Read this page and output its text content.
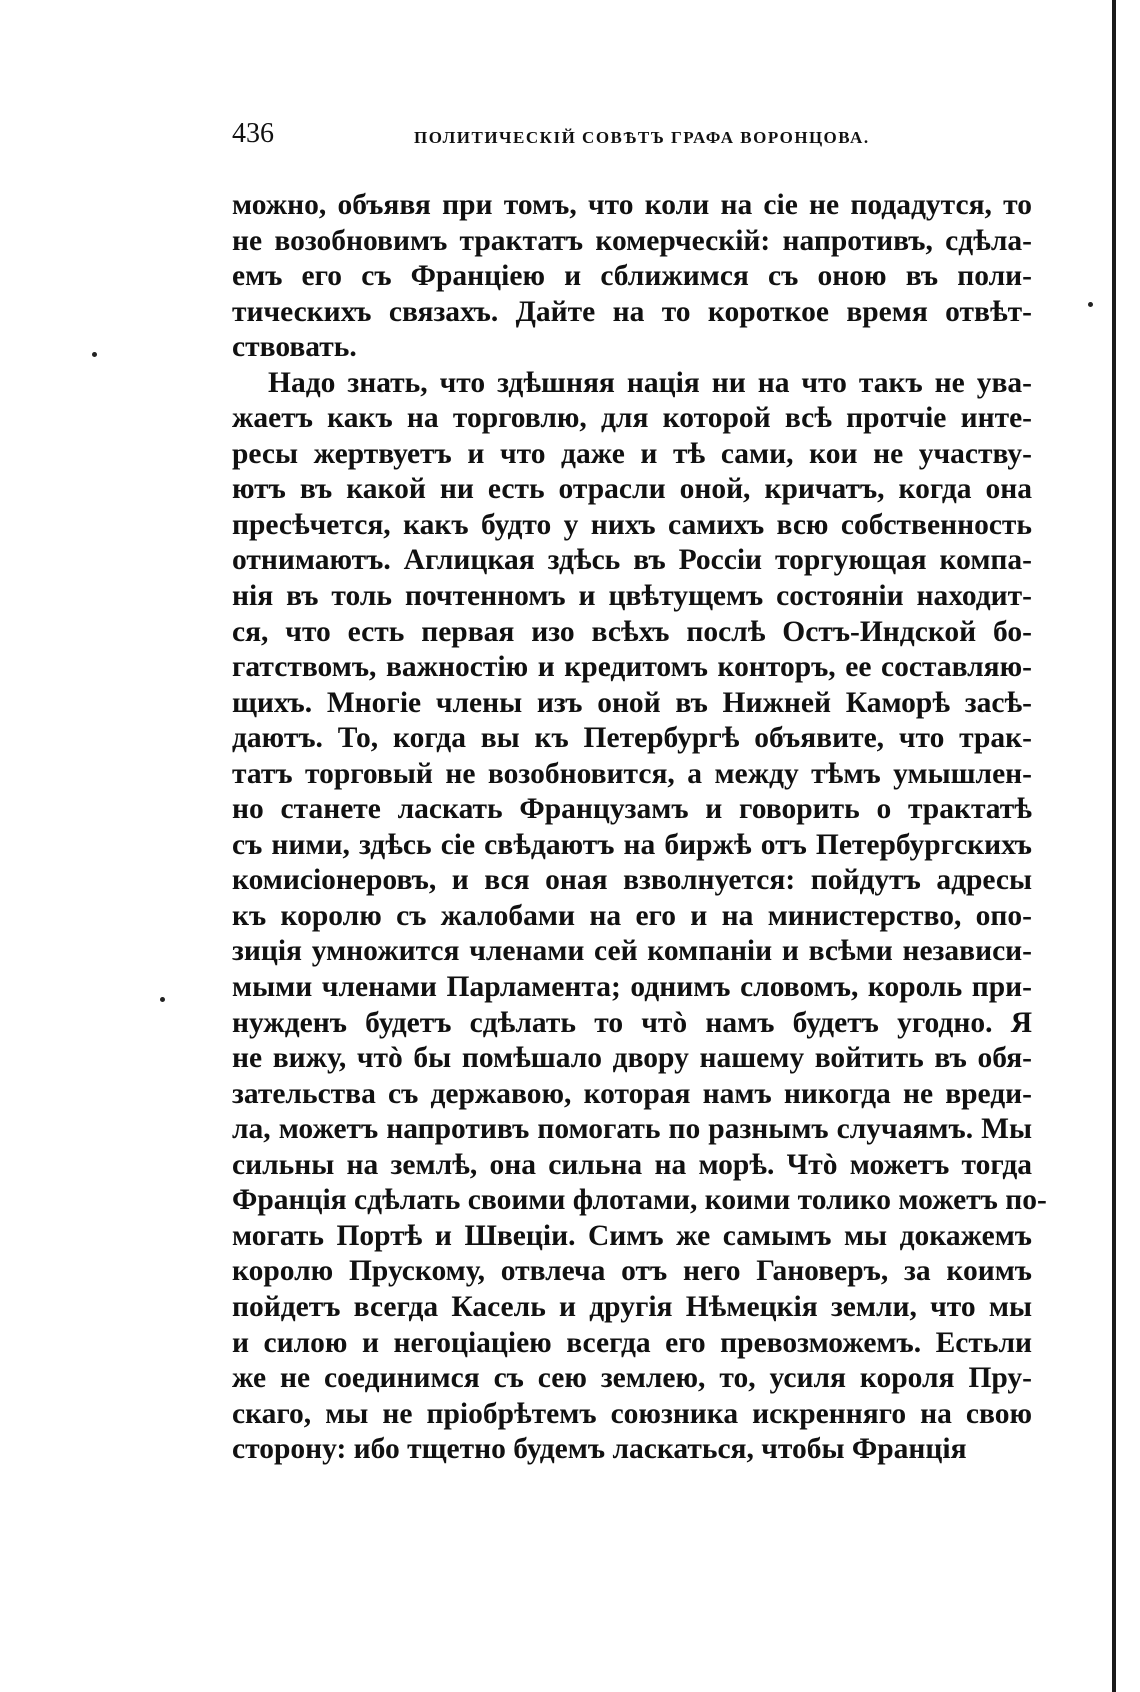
436	ПОЛИТИЧЕСКІЙ СОВѢТЪ ГРАФА ВОРОНЦОВА.
можно, объявя при томъ, что коли на сіе не подадутся, то
не возобновимъ трактатъ комерческій: напротивъ, сдѣла-
емъ его съ Франціею и сближимся съ онoю въ поли-
тическихъ связахъ. Дайте на то короткое время отвѣт-
ствовать.
Надо знать, что здѣшняя нація ни на что такъ не ува-
жаетъ какъ на торговлю, для которой всѣ протчіе инте-
ресы жертвуетъ и что даже и тѣ сами, кои не участву-
ютъ въ какой ни есть отрасли оной, кричатъ, когда она
пресѣчется, какъ будто у нихъ самихъ всю собственность
отнимаютъ. Аглицкая здѣсь въ Россіи торгующая компа-
нія въ толь почтенномъ и цвѣтущемъ состояніи находит-
ся, что есть первая изо всѣхъ послѣ Остъ-Индской бо-
гатствомъ, важностію и кредитомъ конторъ, ее составляю-
щихъ. Многіе члены изъ оной въ Нижней Каморѣ засѣ-
даютъ. То, когда вы къ Петербургѣ объявите, что трак-
татъ торговый не возобновится, а между тѣмъ умышлен-
но станете ласкать Французамъ и говорить о трактатѣ
съ ними, здѣсь сіе свѣдаютъ на биржѣ отъ Петербургскихъ
комисіонеровъ, и вся оная взволнуется: пойдутъ адресы
къ королю съ жалобами на его и на министерство, опо-
зиція умножится членами сей компаніи и всѣми независи-
мыми членами Парламента; однимъ словомъ, король при-
нужденъ будетъ сдѣлать то чтò намъ будетъ угодно. Я
не вижу, чтò бы помѣшало двору нашему войтить въ обя-
зательства съ державою, которая намъ никогда не вреди-
ла, можетъ напротивъ помогать по разнымъ случаямъ. Мы
сильны на землѣ, она сильна на морѣ. Чтò можетъ тогда
Франція сдѣлать своими флотами, коими толико можетъ по-
могать Портѣ и Швеціи. Симъ же самымъ мы докажемъ
королю Прускому, отвлеча отъ него Гановеръ, за коимъ
пойдетъ всегда Касель и другія Нѣмецкія земли, что мы
и силою и негоціаціею всегда его превозможемъ. Естьли
же не соединимся съ сею землею, то, усиля короля Пру-
скаго, мы не пріобрѣтемъ союзника искренняго на свою
сторону: ибо тщетно будемъ ласкаться, чтобы Франція
